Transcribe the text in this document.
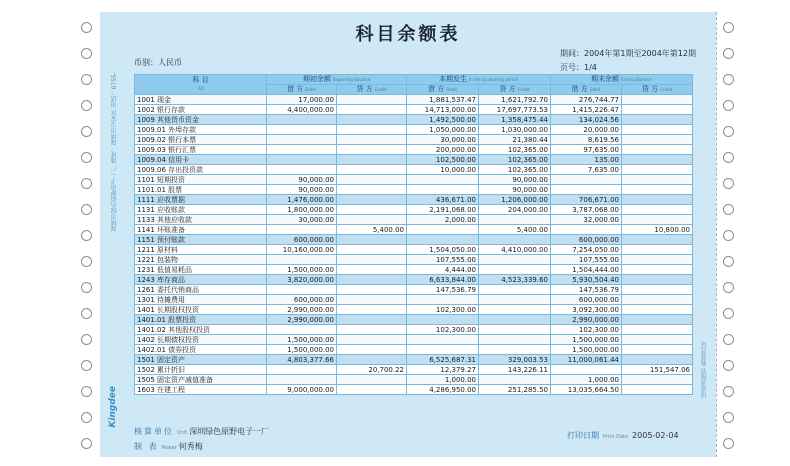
深圳市绿色原野电子一厂 地址：深圳市宝安区 电话：0755-
请妥善保管 收款凭证
Kingdee
科目余额表
币别：人民币
期间：2004年第1期至2004年第12期
页号：1/4
科 目
A/C	期初余额 Beginning Balance		本期发生 In the accounting period		期末余额 Ending Balance	
	借 方 Debit	贷 方 Credit	借 方 Debit	贷 方 Credit	借 方 Debit	贷 方 Credit
1001 现金	17,000.00		1,881,537.47	1,621,792.70	276,744.77	
1002 银行存款	4,400,000.00		14,713,000.00	17,697,773.53	1,415,226.47	
1009 其他货币资金			1,492,500.00	1,358,475.44	134,024.56	
1009.01 外埠存款			1,050,000.00	1,030,000.00	20,000.00	
1009.02 银行本票			30,000.00	21,380.44	8,619.56	
1009.03 银行汇票			200,000.00	102,365.00	97,635.00	
1009.04 信用卡			102,500.00	102,365.00	135.00	
1009.06 存出投资款			10,000.00	102,365.00	7,635.00	
1101 短期投资	90,000.00			90,000.00		
1101.01 股票	90,000.00			90,000.00		
1111 应收票据	1,476,000.00		436,671.00	1,206,000.00	706,671.00	
1131 应收账款	1,800,000.00		2,191,068.00	204,000.00	3,787,068.00	
1133 其他应收款	30,000.00		2,000.00		32,000.00	
1141 坏账准备		5,400.00		5,400.00		10,800.00
1151 预付账款	600,000.00				600,000.00	
1211 原材料	10,160,000.00		1,504,050.00	4,410,000.00	7,254,050.00	
1221 包装物			107,555.00		107,555.00	
1231 低值易耗品	1,500,000.00		4,444.00		1,504,444.00	
1243 库存商品	3,820,000.00		6,633,844.00	4,523,339.60	5,930,504.40	
1261 委托代销商品			147,536.79		147,536.79	
1301 待摊费用	600,000.00				600,000.00	
1401 长期股权投资	2,990,000.00		102,300.00		3,092,300.00	
1401.01 股票投资	2,990,000.00				2,990,000.00	
1401.02 其他股权投资			102,300.00		102,300.00	
1402 长期债权投资	1,500,000.00				1,500,000.00	
1402.01 债券投资	1,500,000.00				1,500,000.00	
1501 固定资产	4,803,377.66		6,525,687.31	329,003.53	11,000,061.44	
1502 累计折旧		20,700.22	12,379.27	143,226.11		151,547.06
1505 固定资产减值准备			1,000.00		1,000.00	
1603 在建工程	9,000,000.00		4,286,950.00	251,285.50	13,035,664.50	
核算单位 Unit 深圳绿色原野电子一厂
制 表 Maker 何秀梅
打印日期 Print Date 2005-02-04
